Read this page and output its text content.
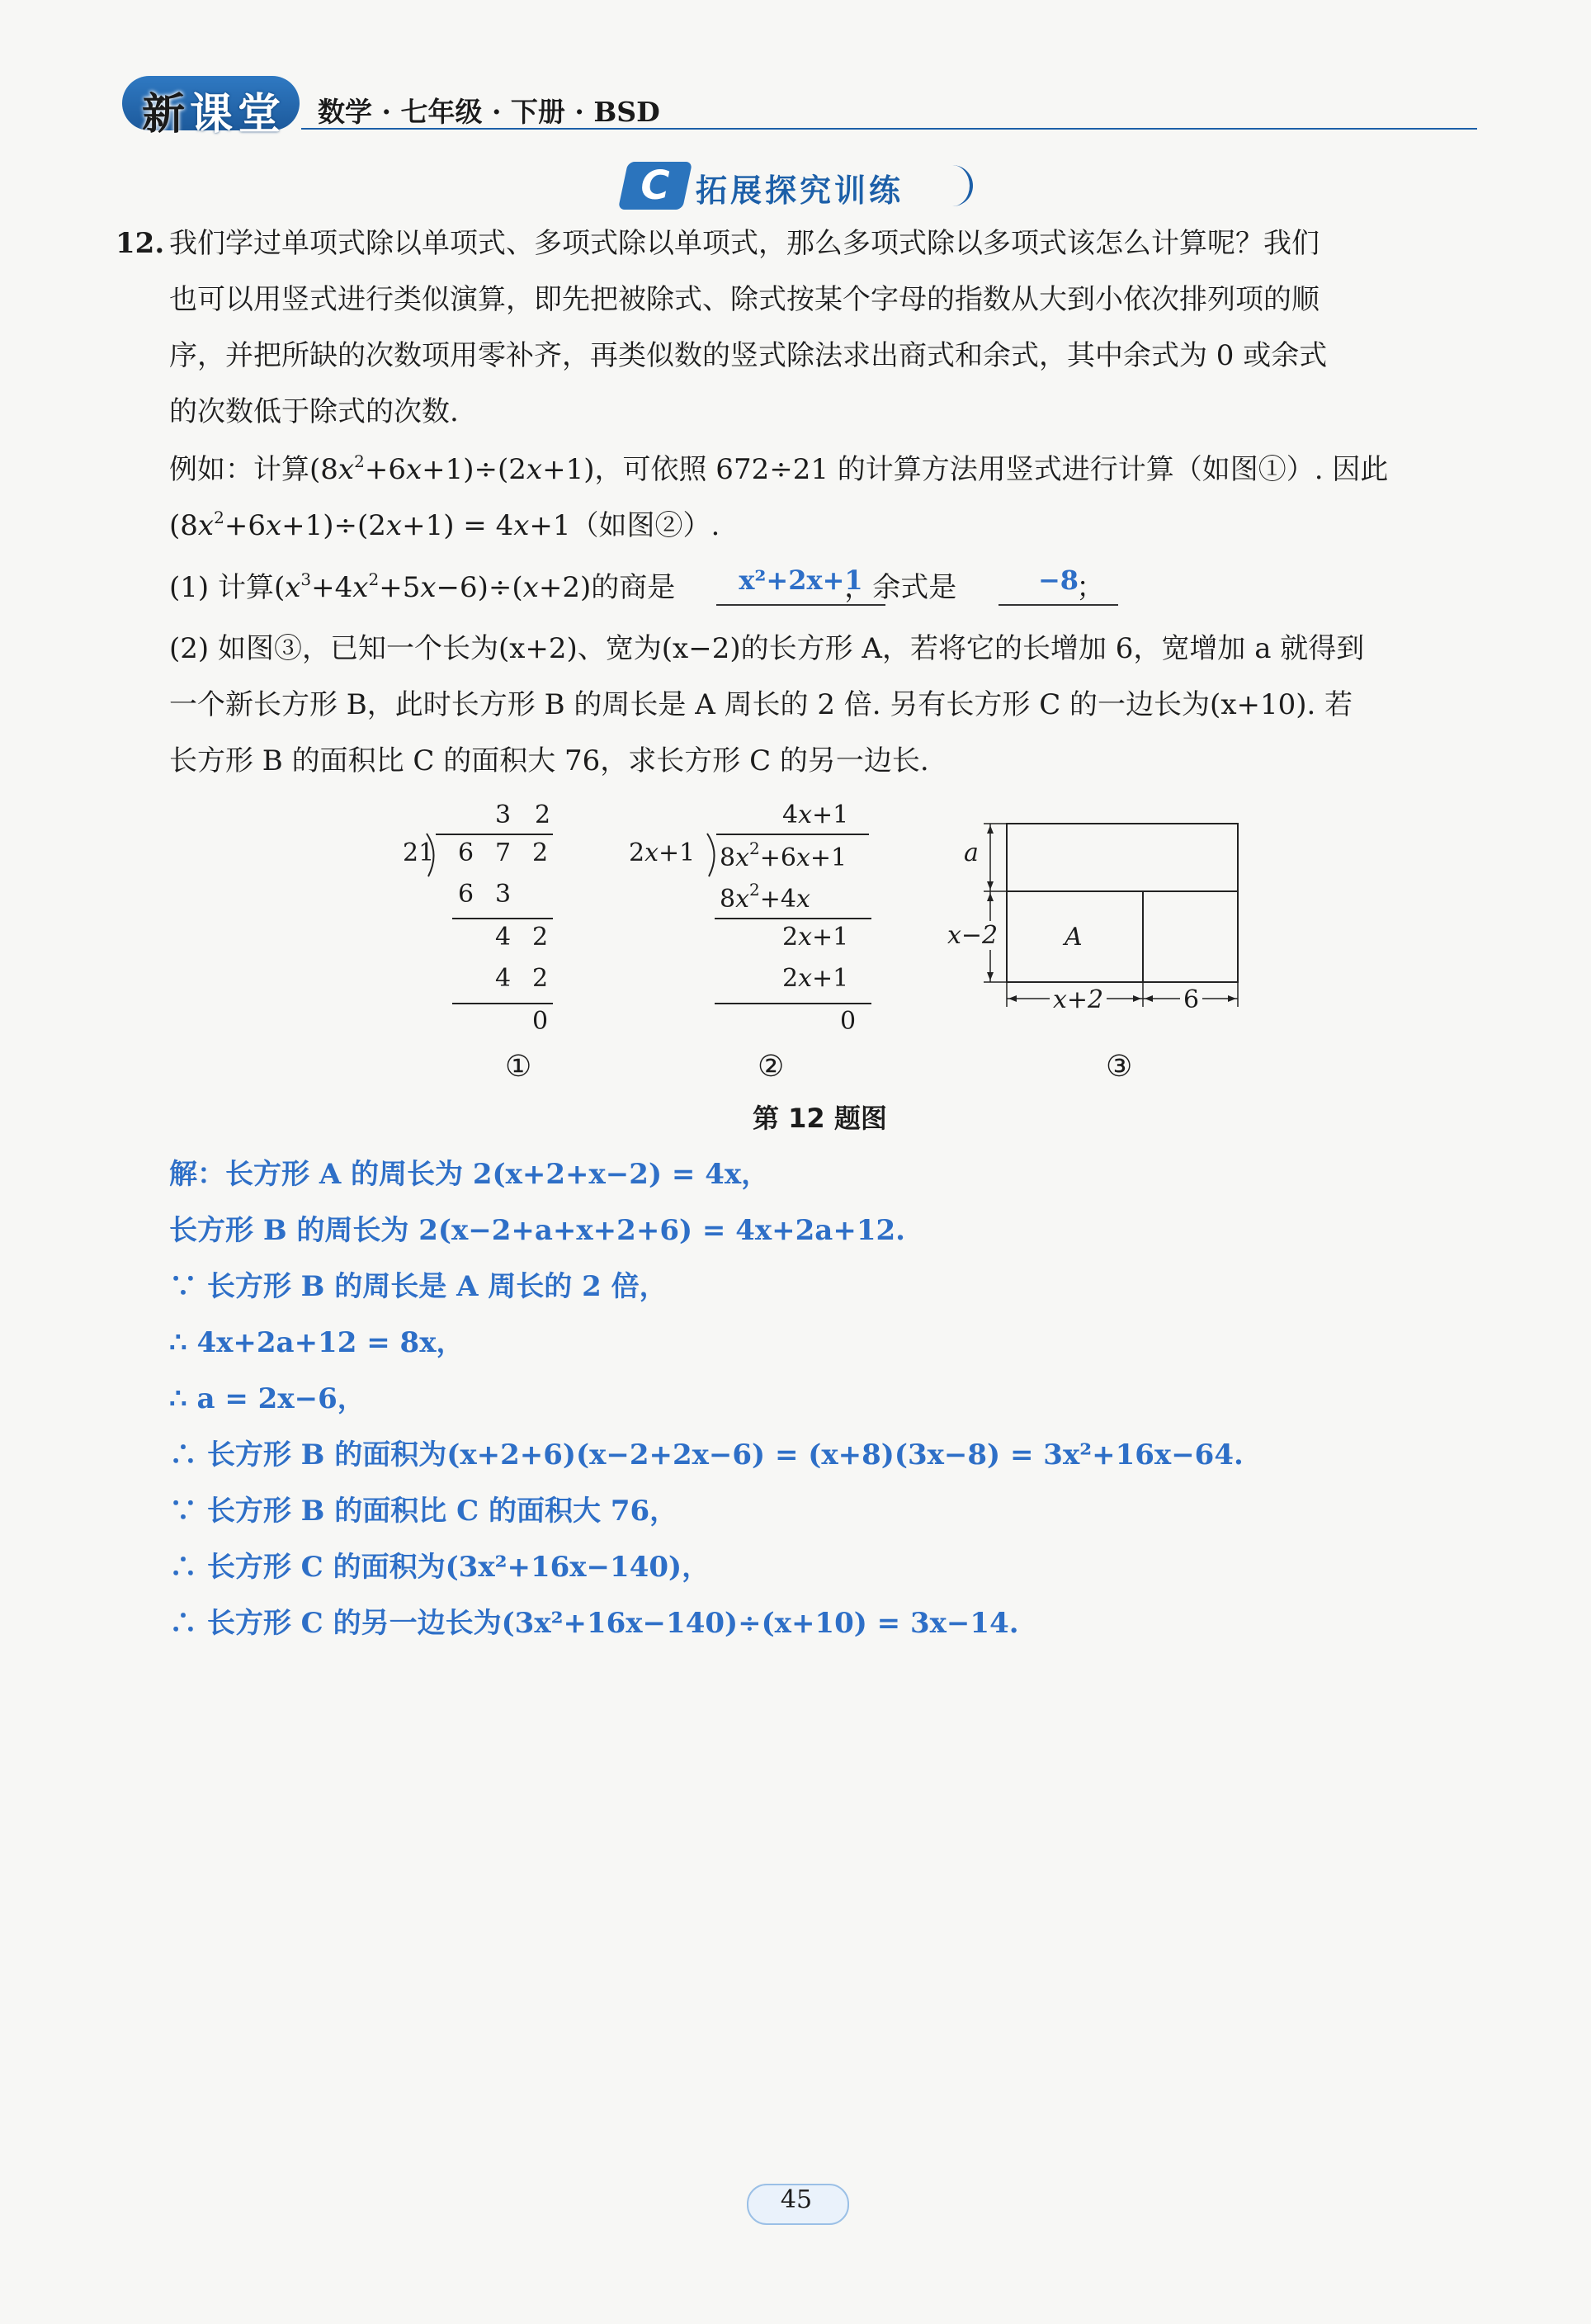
新课堂 数学 · 七年级 · 下册 · BSD
C 拓展探究训练
12. 我们学过单项式除以单项式、多项式除以单项式，那么多项式除以多项式该怎么计算呢？我们
也可以用竖式进行类似演算，即先把被除式、除式按某个字母的指数从大到小依次排列项的顺
序，并把所缺的次数项用零补齐，再类似数的竖式除法求出商式和余式，其中余式为 0 或余式
的次数低于除式的次数.
例如：计算$(8x^2+6x+1)\div(2x+1)$，可依照 672÷21 的计算方法用竖式进行计算（如图①）. 因此
$(8x^2+6x+1)\div(2x+1) = 4x+1$（如图②）.
(1) 计算$(x^3+4x^2+5x-6)\div(x+2)$的商是	，余式是	；
x²+2x+1	−8
(2) 如图③，已知一个长为(x+2)、宽为(x−2)的长方形 A，若将它的长增加 6，宽增加 a 就得到
一个新长方形 B，此时长方形 B 的周长是 A 周长的 2 倍. 另有长方形 C 的一边长为(x+10). 若
长方形 B 的面积比 C 的面积大 76，求长方形 C 的另一边长.
3 2
21 6 7 2
6 3
4 2
4 2
0
①
4x+1
2x+1 $8x^2+6x+1$
$8x^2+4x$
2x+1
2x+1
0
②
a
x−2	A
x+2	6
③
第 12 题图
解：长方形 A 的周长为 2(x+2+x−2) = 4x，
长方形 B 的周长为 2(x−2+a+x+2+6) = 4x+2a+12.
∵ 长方形 B 的周长是 A 周长的 2 倍，
∴ 4x+2a+12 = 8x，
∴ a = 2x−6，
∴ 长方形 B 的面积为(x+2+6)(x−2+2x−6) = (x+8)(3x−8) = 3x²+16x−64.
∵ 长方形 B 的面积比 C 的面积大 76，
∴ 长方形 C 的面积为(3x²+16x−140)，
∴ 长方形 C 的另一边长为(3x²+16x−140)÷(x+10) = 3x−14.
45
